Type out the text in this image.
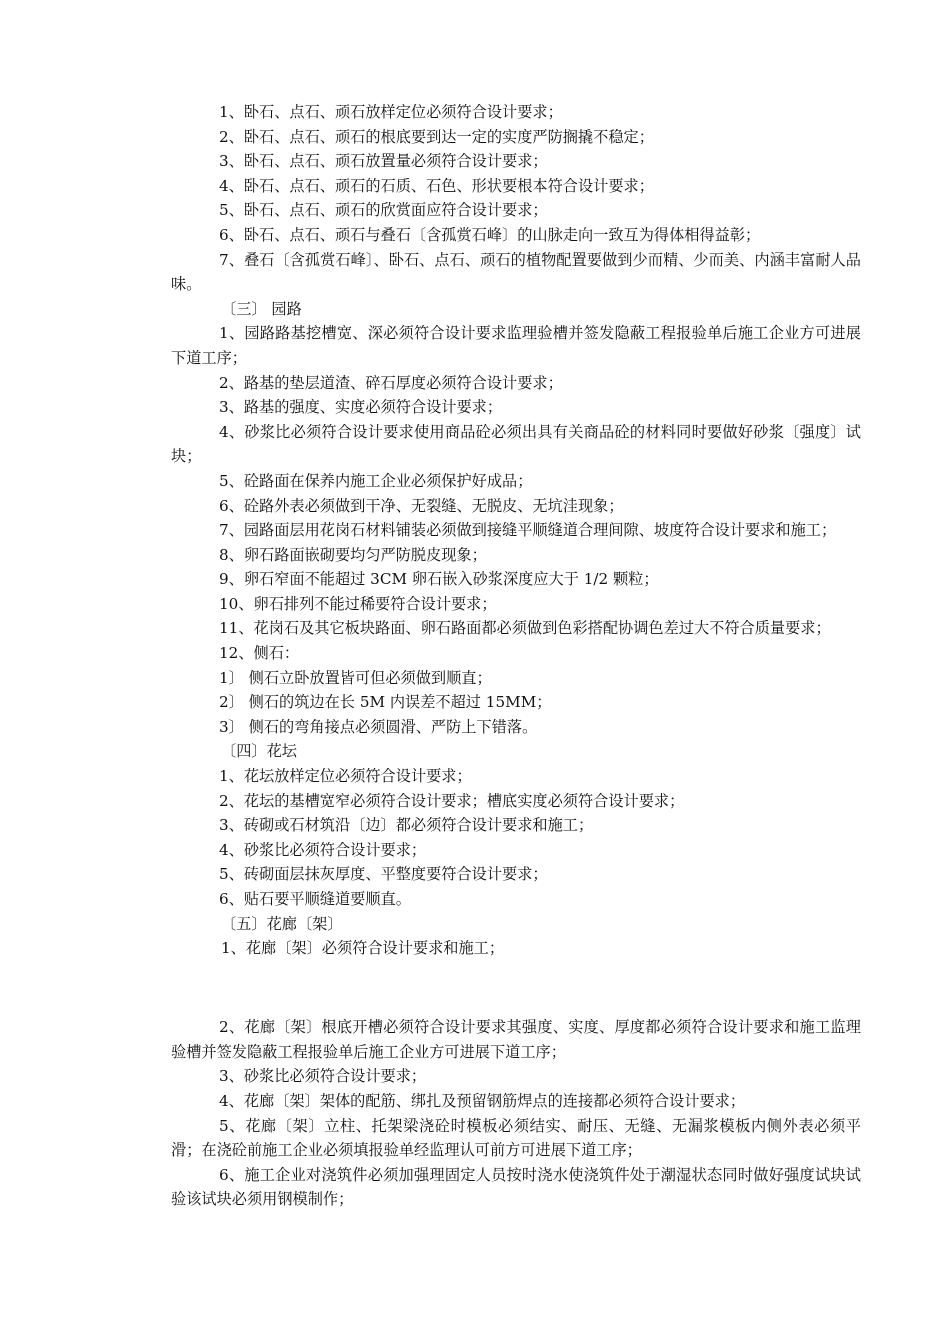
1、卧石、点石、顽石放样定位必须符合设计要求；

2、卧石、点石、顽石的根底要到达一定的实度严防搁撬不稳定；

3、卧石、点石、顽石放置量必须符合设计要求；

4、卧石、点石、顽石的石质、石色、形状要根本符合设计要求；

5、卧石、点石、顽石的欣赏面应符合设计要求；

6、卧石、点石、顽石与叠石〔含孤赏石峰〕的山脉走向一致互为得体相得益彰；

7、叠石〔含孤赏石峰〕、卧石、点石、顽石的植物配置要做到少而精、少而美、内涵丰富耐人品味。

〔三〕 园路

1、园路路基挖槽宽、深必须符合设计要求监理验槽并签发隐蔽工程报验单后施工企业方可进展下道工序；

2、路基的垫层道渣、碎石厚度必须符合设计要求；

3、路基的强度、实度必须符合设计要求；

4、砂浆比必须符合设计要求使用商品砼必须出具有关商品砼的材料同时要做好砂浆〔强度〕试块；

5、砼路面在保养内施工企业必须保护好成品；

6、砼路外表必须做到干净、无裂缝、无脱皮、无坑洼现象；

7、园路面层用花岗石材料铺装必须做到接缝平顺缝道合理间隙、坡度符合设计要求和施工；

8、卵石路面嵌砌要均匀严防脱皮现象；

9、卵石窄面不能超过 3CM 卵石嵌入砂浆深度应大于 1/2 颗粒；

10、卵石排列不能过稀要符合设计要求；

11、花岗石及其它板块路面、卵石路面都必须做到色彩搭配协调色差过大不符合质量要求；

12、侧石：

1〕 侧石立卧放置皆可但必须做到顺直；

2〕 侧石的筑边在长 5M 内误差不超过 15MM；

3〕 侧石的弯角接点必须圆滑、严防上下错落。

〔四〕花坛

1、花坛放样定位必须符合设计要求；

2、花坛的基槽宽窄必须符合设计要求；槽底实度必须符合设计要求；

3、砖砌或石材筑沿〔边〕都必须符合设计要求和施工；

4、砂浆比必须符合设计要求；

5、砖砌面层抹灰厚度、平整度要符合设计要求；

6、贴石要平顺缝道要顺直。

〔五〕花廊〔架〕

1、花廊〔架〕必须符合设计要求和施工；

2、花廊〔架〕根底开槽必须符合设计要求其强度、实度、厚度都必须符合设计要求和施工监理验槽并签发隐蔽工程报验单后施工企业方可进展下道工序；

3、砂浆比必须符合设计要求；

4、花廊〔架〕架体的配筋、绑扎及预留钢筋焊点的连接都必须符合设计要求；

5、花廊〔架〕立柱、托架梁浇砼时模板必须结实、耐压、无缝、无漏浆模板内侧外表必须平滑；在浇砼前施工企业必须填报验单经监理认可前方可进展下道工序；

6、施工企业对浇筑件必须加强理固定人员按时浇水使浇筑件处于潮湿状态同时做好强度试块试验该试块必须用钢模制作；
